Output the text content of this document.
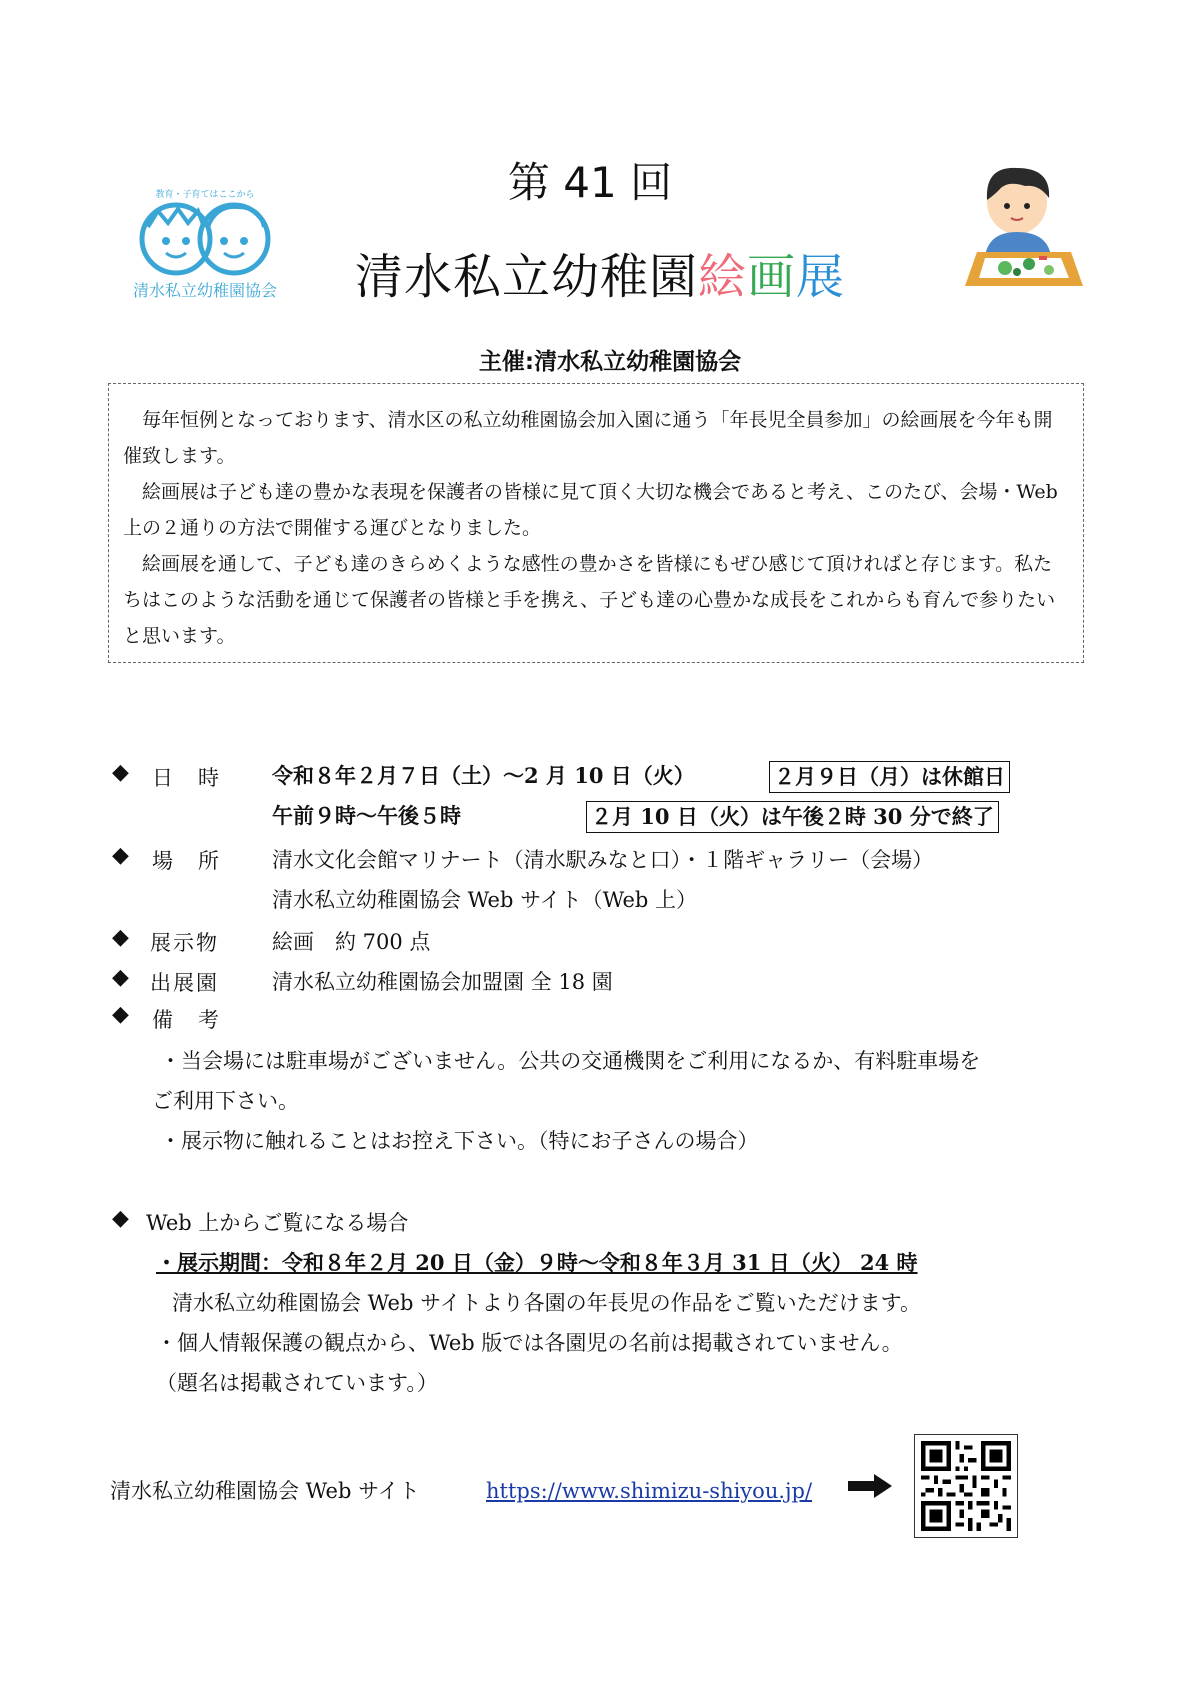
教育・子育てはここから
清水私立幼稚園協会
第 41 回
清水私立幼稚園絵画展
主催:清水私立幼稚園協会

毎年恒例となっております、清水区の私立幼稚園協会加入園に通う「年長児全員参加」の絵画展を今年も開催致します。

絵画展は子ども達の豊かな表現を保護者の皆様に見て頂く大切な機会であると考え、このたび、会場・Web 上の２通りの方法で開催する運びとなりました。

絵画展を通して、子ども達のきらめくような感性の豊かさを皆様にもぜひ感じて頂ければと存じます。私たちはこのような活動を通じて保護者の皆様と手を携え、子ども達の心豊かな成長をこれからも育んで参りたいと思います。

◆ 日　時 令和８年２月７日（土）〜2 月 10 日（火）	２月９日（月）は休館日
午前９時〜午後５時	２月 10 日（火）は午後２時 30 分で終了
◆ 場　所 清水文化会館マリナート（清水駅みなと口）・１階ギャラリー（会場）
清水私立幼稚園協会 Web サイト（Web 上）
◆ 展示物	絵画　約 700 点
◆ 出展園	清水私立幼稚園協会加盟園 全 18 園
◆ 備　考
・当会場には駐車場がございません。公共の交通機関をご利用になるか、有料駐車場を
ご利用下さい。
・展示物に触れることはお控え下さい。（特にお子さんの場合）
◆ Web 上からご覧になる場合
・展示期間：令和８年２月 20 日（金）９時〜令和８年３月 31 日（火） 24 時
清水私立幼稚園協会 Web サイトより各園の年長児の作品をご覧いただけます。
・個人情報保護の観点から、Web 版では各園児の名前は掲載されていません。
（題名は掲載されています。）
清水私立幼稚園協会 Web サイト	https://www.shimizu-shiyou.jp/
